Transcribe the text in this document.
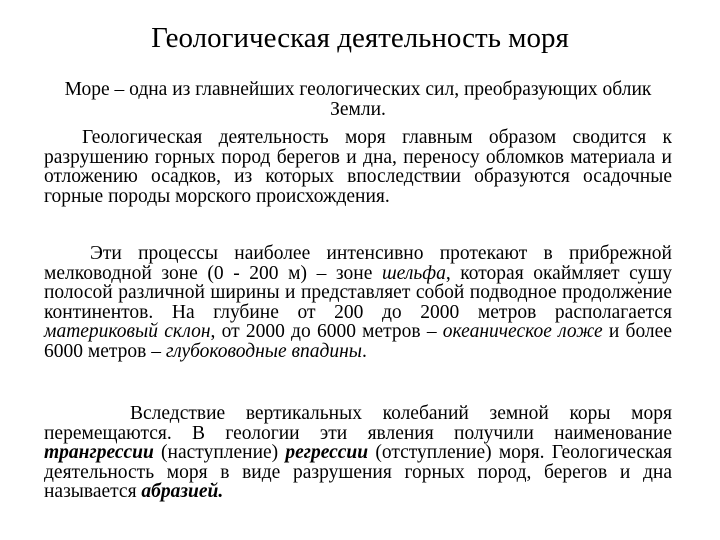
Геологическая деятельность моря
Море – одна из главнейших геологических сил, преобразующих облик Земли.
Геологическая деятельность моря главным образом сводится к разрушению горных пород берегов и дна, переносу обломков материала и отложению осадков, из которых впоследствии образуются осадочные горные породы морского происхождения.
Эти процессы наиболее интенсивно протекают в прибрежной мелководной зоне (0 - 200 м) – зоне шельфа, которая окаймляет сушу полосой различной ширины и представляет собой подводное продолжение континентов. На глубине от 200 до 2000 метров располагается материковый склон, от 2000 до 6000 метров – океаническое ложе и более 6000 метров – глубоководные впадины.
Вследствие вертикальных колебаний земной коры моря перемещаются. В геологии эти явления получили наименование трангрессии (наступление) регрессии (отступление) моря. Геологическая деятельность моря в виде разрушения горных пород, берегов и дна называется абразией.
